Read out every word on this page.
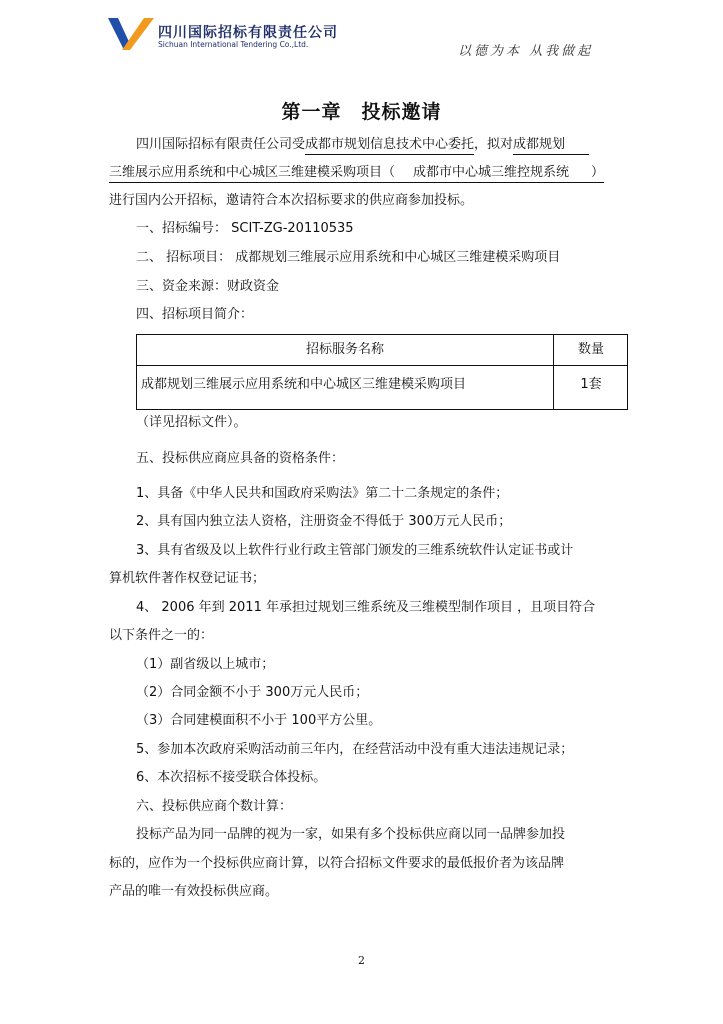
四川国际招标有限责任公司
Sichuan International Tendering Co.,Ltd.	以德为本 从我做起
第一章　投标邀请
四川国际招标有限责任公司受成都市规划信息技术中心委托，拟对成都规划
三维展示应用系统和中心城区三维建模采购项目（ 成都市中心城三维控规系统 ）
进行国内公开招标，邀请符合本次招标要求的供应商参加投标。
一、招标编号： SCIT-ZG-20110535
二、 招标项目： 成都规划三维展示应用系统和中心城区三维建模采购项目
三、资金来源：财政资金
四、招标项目简介：
招标服务名称	数量
成都规划三维展示应用系统和中心城区三维建模采购项目	1套
（详见招标文件）。
五、投标供应商应具备的资格条件：
1、具备《中华人民共和国政府采购法》第二十二条规定的条件；
2、具有国内独立法人资格，注册资金不得低于 300万元人民币；
3、具有省级及以上软件行业行政主管部门颁发的三维系统软件认定证书或计
算机软件著作权登记证书；
4、 2006 年到 2011 年承担过规划三维系统及三维模型制作项目 ，且项目符合
以下条件之一的：
（1）副省级以上城市；
（2）合同金额不小于 300万元人民币；
（3）合同建模面积不小于 100平方公里。
5、参加本次政府采购活动前三年内，在经营活动中没有重大违法违规记录；
6、本次招标不接受联合体投标。
六、投标供应商个数计算：
投标产品为同一品牌的视为一家，如果有多个投标供应商以同一品牌参加投
标的，应作为一个投标供应商计算，以符合招标文件要求的最低报价者为该品牌
产品的唯一有效投标供应商。
2
